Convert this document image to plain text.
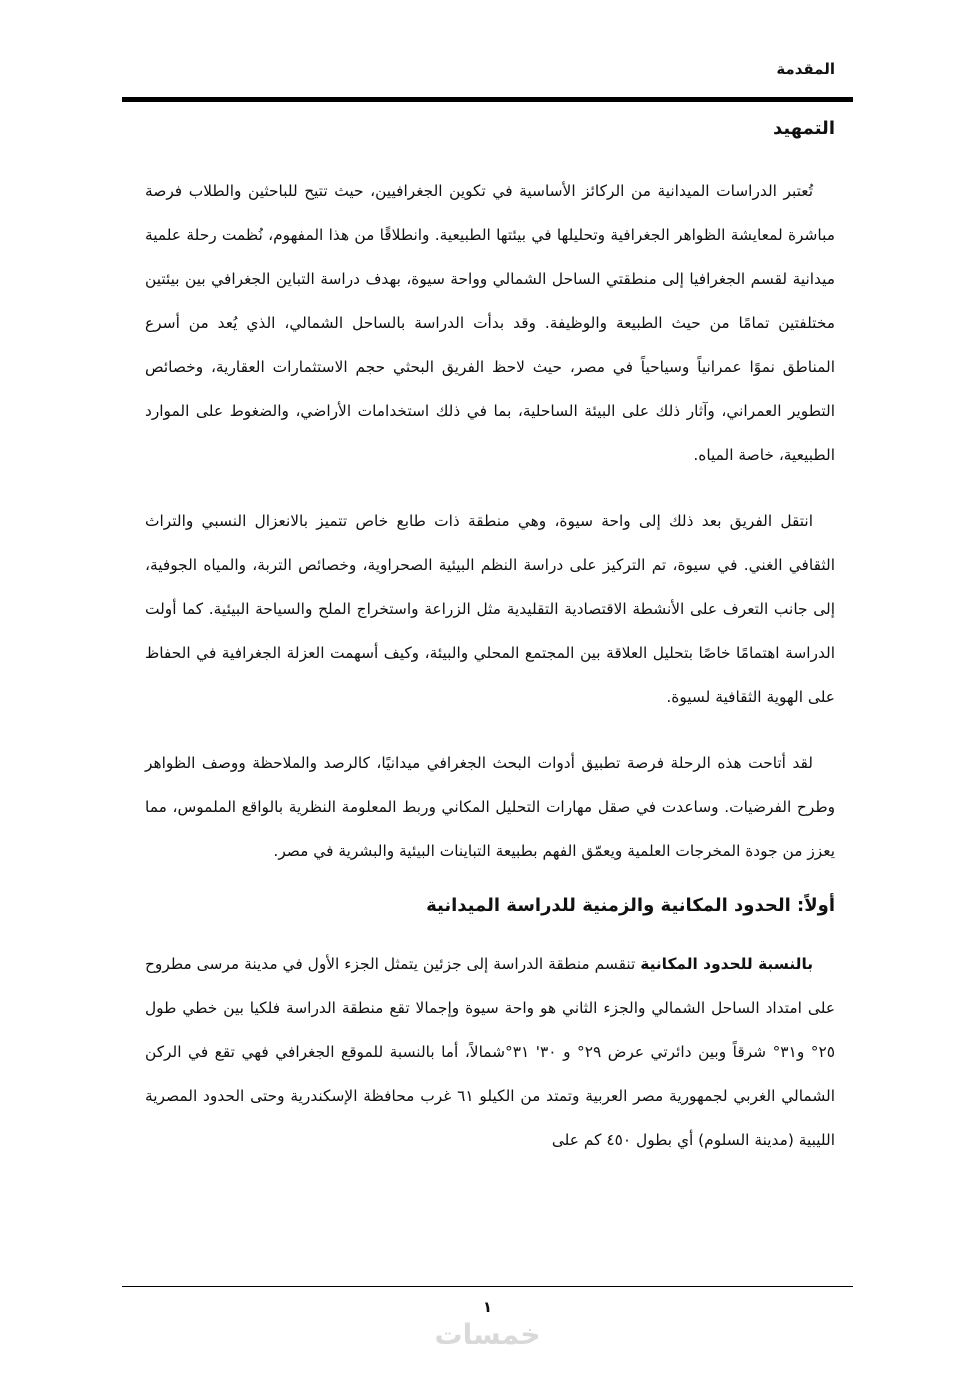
المقدمة
التمهيد

تُعتبر الدراسات الميدانية من الركائز الأساسية في تكوين الجغرافيين، حيث تتيح للباحثين والطلاب فرصة مباشرة لمعايشة الظواهر الجغرافية وتحليلها في بيئتها الطبيعية. وانطلاقًا من هذا المفهوم، نُظمت رحلة علمية ميدانية لقسم الجغرافيا إلى منطقتي الساحل الشمالي وواحة سيوة، بهدف دراسة التباين الجغرافي بين بيئتين مختلفتين تمامًا من حيث الطبيعة والوظيفة. وقد بدأت الدراسة بالساحل الشمالي، الذي يُعد من أسرع المناطق نموًا عمرانياً وسياحياً في مصر، حيث لاحظ الفريق البحثي حجم الاستثمارات العقارية، وخصائص التطوير العمراني، وآثار ذلك على البيئة الساحلية، بما في ذلك استخدامات الأراضي، والضغوط على الموارد الطبيعية، خاصة المياه.

انتقل الفريق بعد ذلك إلى واحة سيوة، وهي منطقة ذات طابع خاص تتميز بالانعزال النسبي والتراث الثقافي الغني. في سيوة، تم التركيز على دراسة النظم البيئية الصحراوية، وخصائص التربة، والمياه الجوفية، إلى جانب التعرف على الأنشطة الاقتصادية التقليدية مثل الزراعة واستخراج الملح والسياحة البيئية. كما أولت الدراسة اهتمامًا خاصًا بتحليل العلاقة بين المجتمع المحلي والبيئة، وكيف أسهمت العزلة الجغرافية في الحفاظ على الهوية الثقافية لسيوة.

لقد أتاحت هذه الرحلة فرصة تطبيق أدوات البحث الجغرافي ميدانيًا، كالرصد والملاحظة ووصف الظواهر وطرح الفرضيات. وساعدت في صقل مهارات التحليل المكاني وربط المعلومة النظرية بالواقع الملموس، مما يعزز من جودة المخرجات العلمية ويعمّق الفهم بطبيعة التباينات البيئية والبشرية في مصر.

أولاً: الحدود المكانية والزمنية للدراسة الميدانية

بالنسبة للحدود المكانية تنقسم منطقة الدراسة إلى جزئين يتمثل الجزء الأول في مدينة مرسى مطروح على امتداد الساحل الشمالي والجزء الثاني هو واحة سيوة وإجمالا تقع منطقة الدراسة فلكيا بين خطي طول ٢٥° و٣١° شرقاً وبين دائرتي عرض ٢٩° و ٣٠' ٣١°شمالاً، أما بالنسبة للموقع الجغرافي فهي تقع في الركن الشمالي الغربي لجمهورية مصر العربية وتمتد من الكيلو ٦١ غرب محافظة الإسكندرية وحتى الحدود المصرية الليبية (مدينة السلوم) أي بطول ٤٥٠ كم على

١
خمسات
